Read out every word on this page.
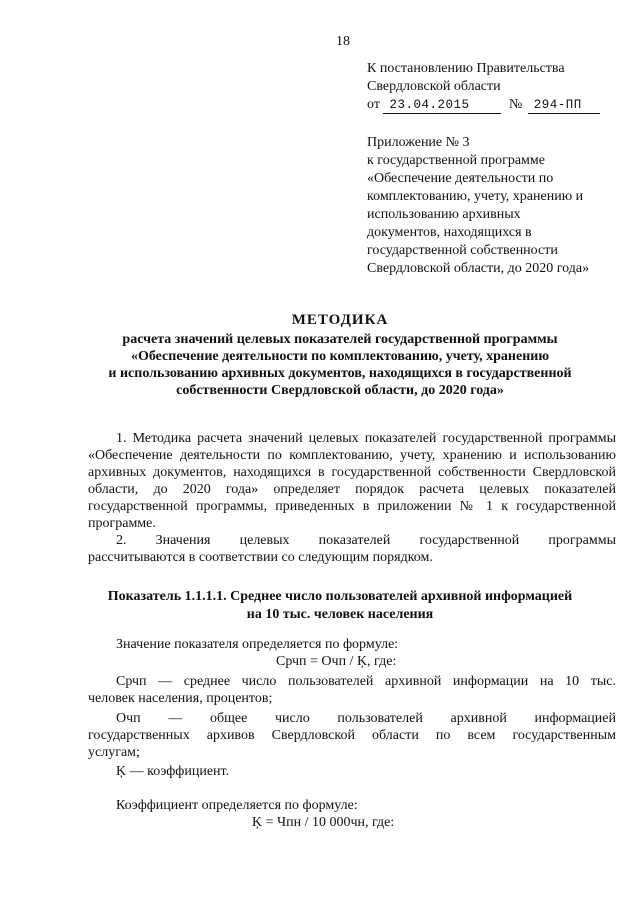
18
К постановлению Правительства
Свердловской области
от 23.04.2015	№ 294-ПП
Приложение № 3
к государственной программе
«Обеспечение деятельности по
комплектованию, учету, хранению и
использованию архивных
документов, находящихся в
государственной собственности
Свердловской области, до 2020 года»
МЕТОДИКА
расчета значений целевых показателей государственной программы
«Обеспечение деятельности по комплектованию, учету, хранению
и использованию архивных документов, находящихся в государственной
собственности Свердловской области, до 2020 года»
1. Методика расчета значений целевых показателей государственной программы «Обеспечение деятельности по комплектованию, учету, хранению и использованию архивных документов, находящихся в государственной собственности Свердловской области, до 2020 года» определяет порядок расчета целевых показателей государственной программы, приведенных в приложении № 1 к государственной программе.
2. Значения целевых показателей государственной программы
рассчитываются в соответствии со следующим порядком.
Показатель 1.1.1.1. Среднее число пользователей архивной информацией
на 10 тыс. человек населения
Значение показателя определяется по формуле:
Срчп = Очп / Ķ, где:
Срчп — среднее число пользователей архивной информации на 10 тыс.
человек населения, процентов;
Очп — общее число пользователей архивной информацией
государственных архивов Свердловской области по всем государственным
услугам;
Ķ — коэффициент.
Коэффициент определяется по формуле:
Ķ = Чпн / 10 000чн, где:
